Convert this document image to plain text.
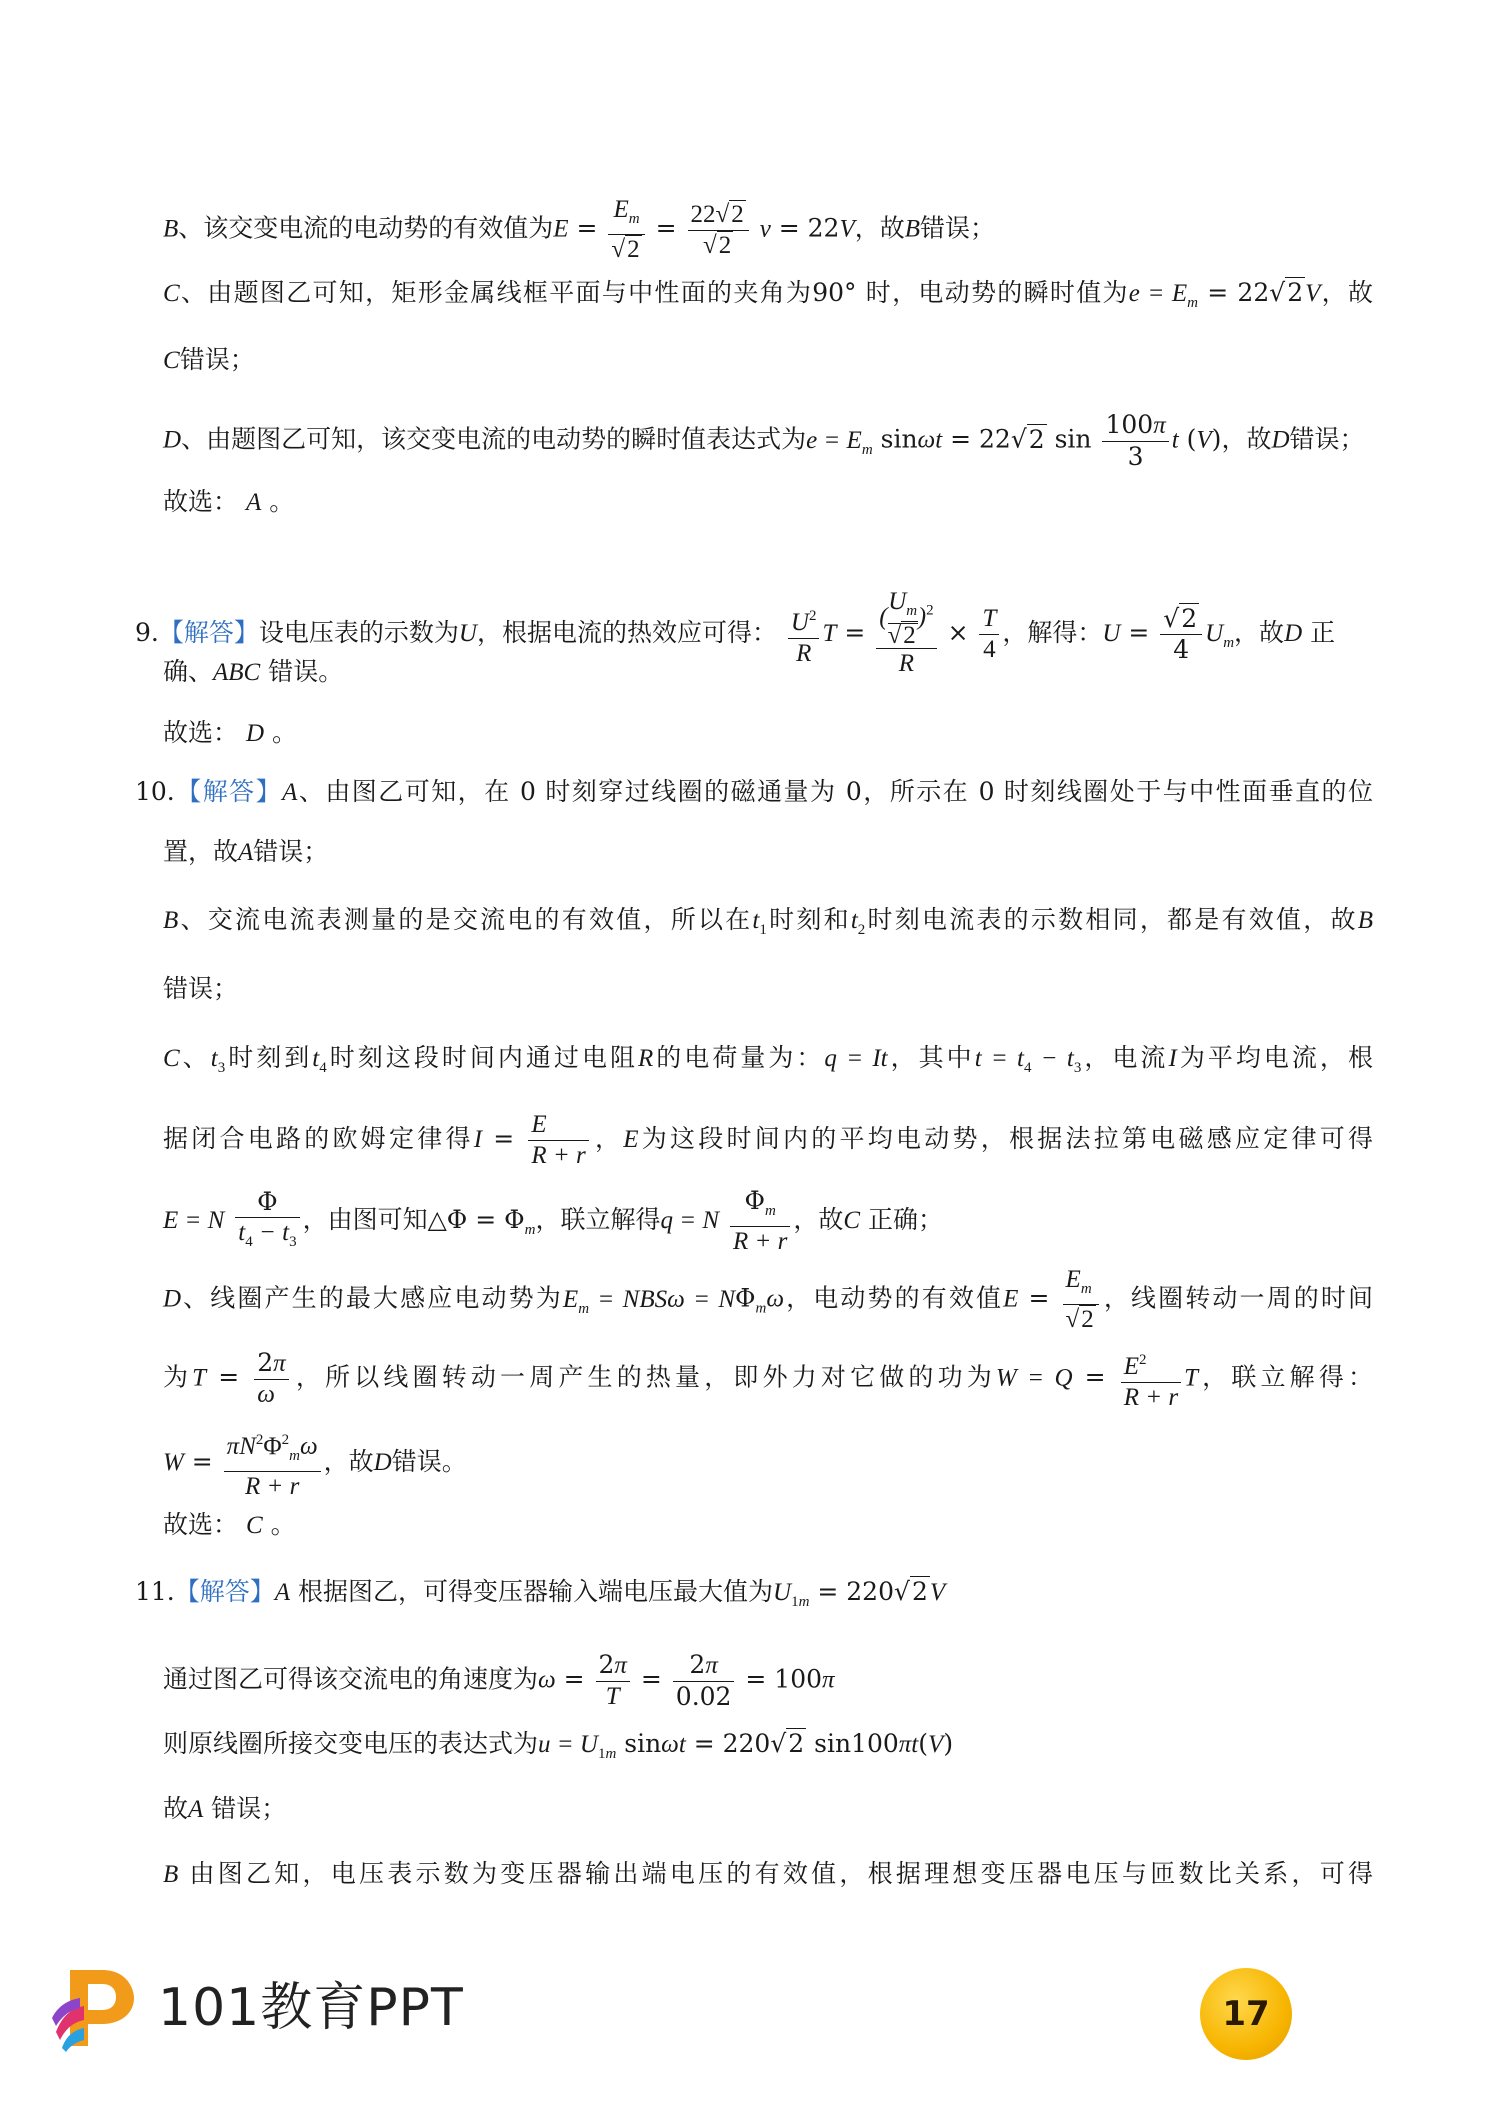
B、该交变电流的电动势的有效值为$E = \frac{E_m}{√2} = \frac{22√2}{√2}$ v = 22V，故B错误；
C、由题图乙可知，矩形金属线框平面与中性面的夹角为90° 时，电动势的瞬时值为$e = E_m = 22√2V$，故
C错误；
D、由题图乙可知，该交变电流的电动势的瞬时值表达式为$e = E_m$ sinωt = 22√2 $\sin \frac{100\pi}{3}$ t (V)，故D错误；
故选： A 。
9.【解答】设电压表的示数为U，根据电流的热效应可得： $\frac{U^2}{R}$ $T = \frac{( \frac{U_m}{√2} )^2}{R} \times \frac{T}{4}$ ，解得：$U = \frac{√2}{4} U_m$，故D 正
确、ABC 错误。
故选： D 。
10.【解答】A、由图乙可知，在 0 时刻穿过线圈的磁通量为 0，所示在 0 时刻线圈处于与中性面垂直的位
置，故A错误；
B、交流电流表测量的是交流电的有效值，所以在$t_1$时刻和$t_2$时刻电流表的示数相同，都是有效值，故B
错误；
C、$t_3$时刻到$t_4$时刻这段时间内通过电阻R的电荷量为：q = It，其中$t = t_4 - t_3$，电流I为平均电流，根
据闭合电路的欧姆定律得$I = \frac{E}{R + r}$ ，E为这段时间内的平均电动势，根据法拉第电磁感应定律可得
E = N $\frac{\Phi}{t_4 - t_3}$ ，由图可知△Φ = $\Phi_m$，联立解得q = N $\frac{\Phi_m}{R + r}$ ，故C 正确；
D、线圈产生的最大感应电动势为$E_m = NBS\omega = N\Phi_m\omega$，电动势的有效值$E = \frac{E_m}{√2}$ ，线圈转动一周的时间
为$T = \frac{2\pi}{\omega}$ ，所以线圈转动一周产生的热量，即外力对它做的功为$W = Q = \frac{E^2}{R + r}$ T，联立解得：
$W = \frac{\pi N^2\Phi^2_m\omega}{R + r}$ ，故D错误。
故选： C 。
11.【解答】A 根据图乙，可得变压器输入端电压最大值为$U_{1m} = 220√2V$
通过图乙可得该交流电的角速度为$\omega = \frac{2\pi}{T} = \frac{2\pi}{0.02} = 100\pi$
则原线圈所接交变电压的表达式为$u = U_{1m}$ sinωt = 220√2 sin100πt(V)
故A 错误；
B 由图乙知，电压表示数为变压器输出端电压的有效值，根据理想变压器电压与匝数比关系，可得
101教育PPT	17
